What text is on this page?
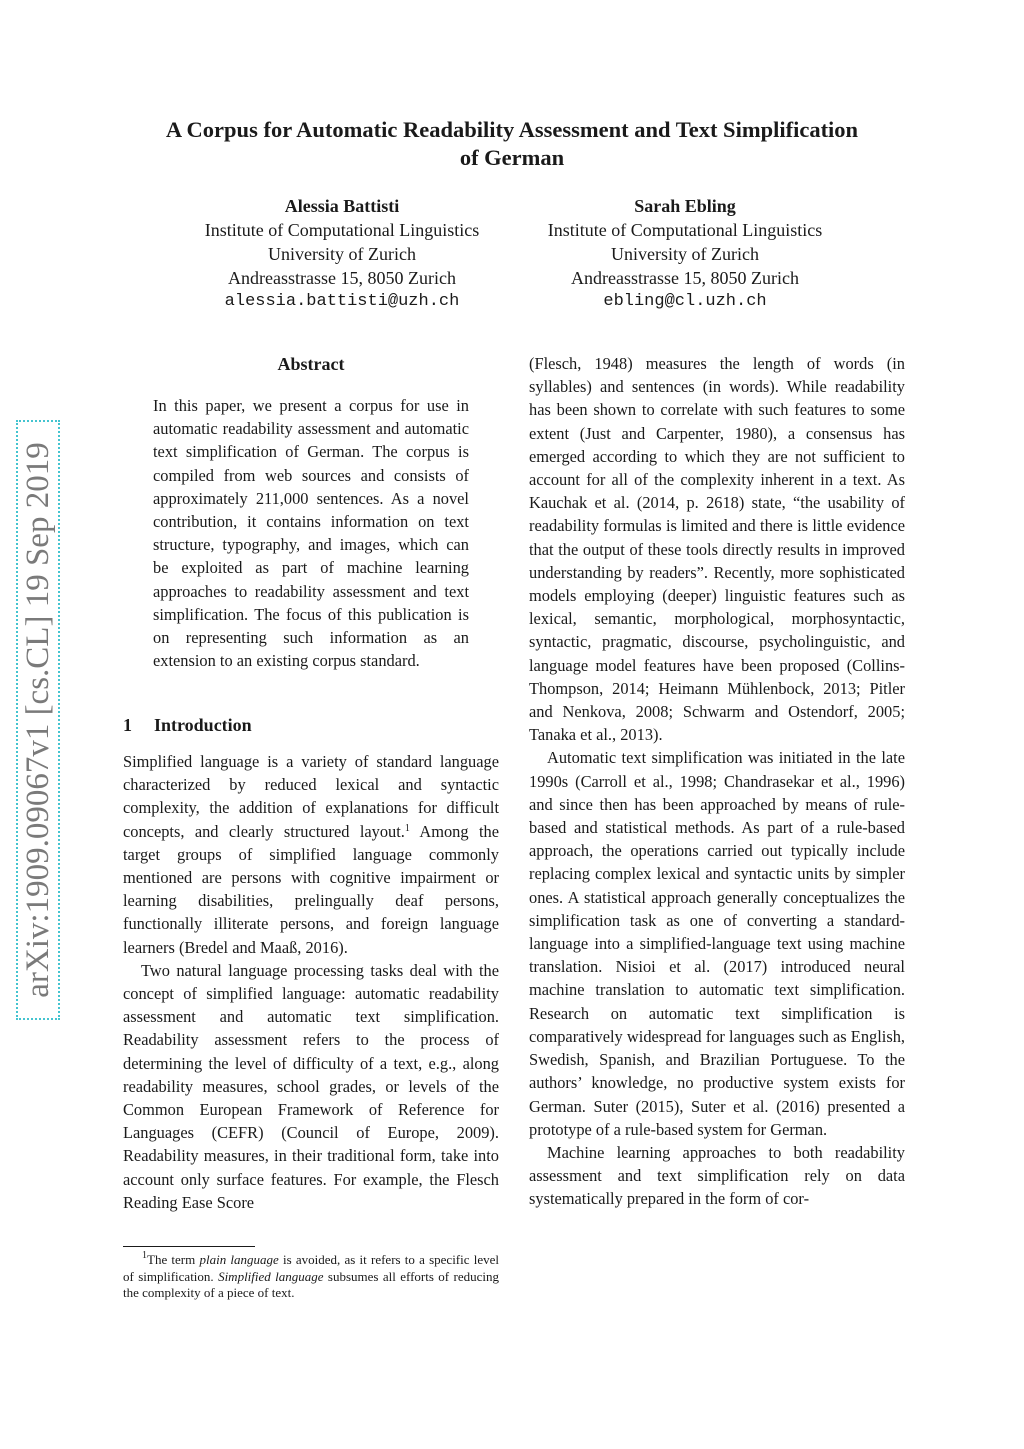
A Corpus for Automatic Readability Assessment and Text Simplification
of German
Alessia Battisti
Institute of Computational Linguistics
University of Zurich
Andreasstrasse 15, 8050 Zurich
alessia.battisti@uzh.ch
Sarah Ebling
Institute of Computational Linguistics
University of Zurich
Andreasstrasse 15, 8050 Zurich
ebling@cl.uzh.ch
arXiv:1909.09067v1 [cs.CL] 19 Sep 2019
Abstract

In this paper, we present a corpus for use in automatic readability assessment and automatic text simplification of German. The corpus is compiled from web sources and consists of approximately 211,000 sentences. As a novel contribution, it contains information on text structure, typography, and images, which can be exploited as part of machine learning approaches to readability assessment and text simplification. The focus of this publication is on representing such information as an extension to an existing corpus standard.

1 Introduction

Simplified language is a variety of standard language characterized by reduced lexical and syntactic complexity, the addition of explanations for difficult concepts, and clearly structured layout.$^1$ Among the target groups of simplified language commonly mentioned are persons with cognitive impairment or learning disabilities, prelingually deaf persons, functionally illiterate persons, and foreign language learners (Bredel and Maaß, 2016).

Two natural language processing tasks deal with the concept of simplified language: automatic readability assessment and automatic text simplification. Readability assessment refers to the process of determining the level of difficulty of a text, e.g., along readability measures, school grades, or levels of the Common European Framework of Reference for Languages (CEFR) (Council of Europe, 2009). Readability measures, in their traditional form, take into account only surface features. For example, the Flesch Reading Ease Score

(Flesch, 1948) measures the length of words (in syllables) and sentences (in words). While readability has been shown to correlate with such features to some extent (Just and Carpenter, 1980), a consensus has emerged according to which they are not sufficient to account for all of the complexity inherent in a text. As Kauchak et al. (2014, p. 2618) state, “the usability of readability formulas is limited and there is little evidence that the output of these tools directly results in improved understanding by readers”. Recently, more sophisticated models employing (deeper) linguistic features such as lexical, semantic, morphological, morphosyntactic, syntactic, pragmatic, discourse, psycholinguistic, and language model features have been proposed (Collins-Thompson, 2014; Heimann Mühlenbock, 2013; Pitler and Nenkova, 2008; Schwarm and Ostendorf, 2005; Tanaka et al., 2013).

Automatic text simplification was initiated in the late 1990s (Carroll et al., 1998; Chandrasekar et al., 1996) and since then has been approached by means of rule-based and statistical methods. As part of a rule-based approach, the operations carried out typically include replacing complex lexical and syntactic units by simpler ones. A statistical approach generally conceptualizes the simplification task as one of converting a standard-language into a simplified-language text using machine translation. Nisioi et al. (2017) introduced neural machine translation to automatic text simplification. Research on automatic text simplification is comparatively widespread for languages such as English, Swedish, Spanish, and Brazilian Portuguese. To the authors’ knowledge, no productive system exists for German. Suter (2015), Suter et al. (2016) presented a prototype of a rule-based system for German.

Machine learning approaches to both readability assessment and text simplification rely on data systematically prepared in the form of cor-

$^1$The term plain language is avoided, as it refers to a specific level of simplification. Simplified language subsumes all efforts of reducing the complexity of a piece of text.
